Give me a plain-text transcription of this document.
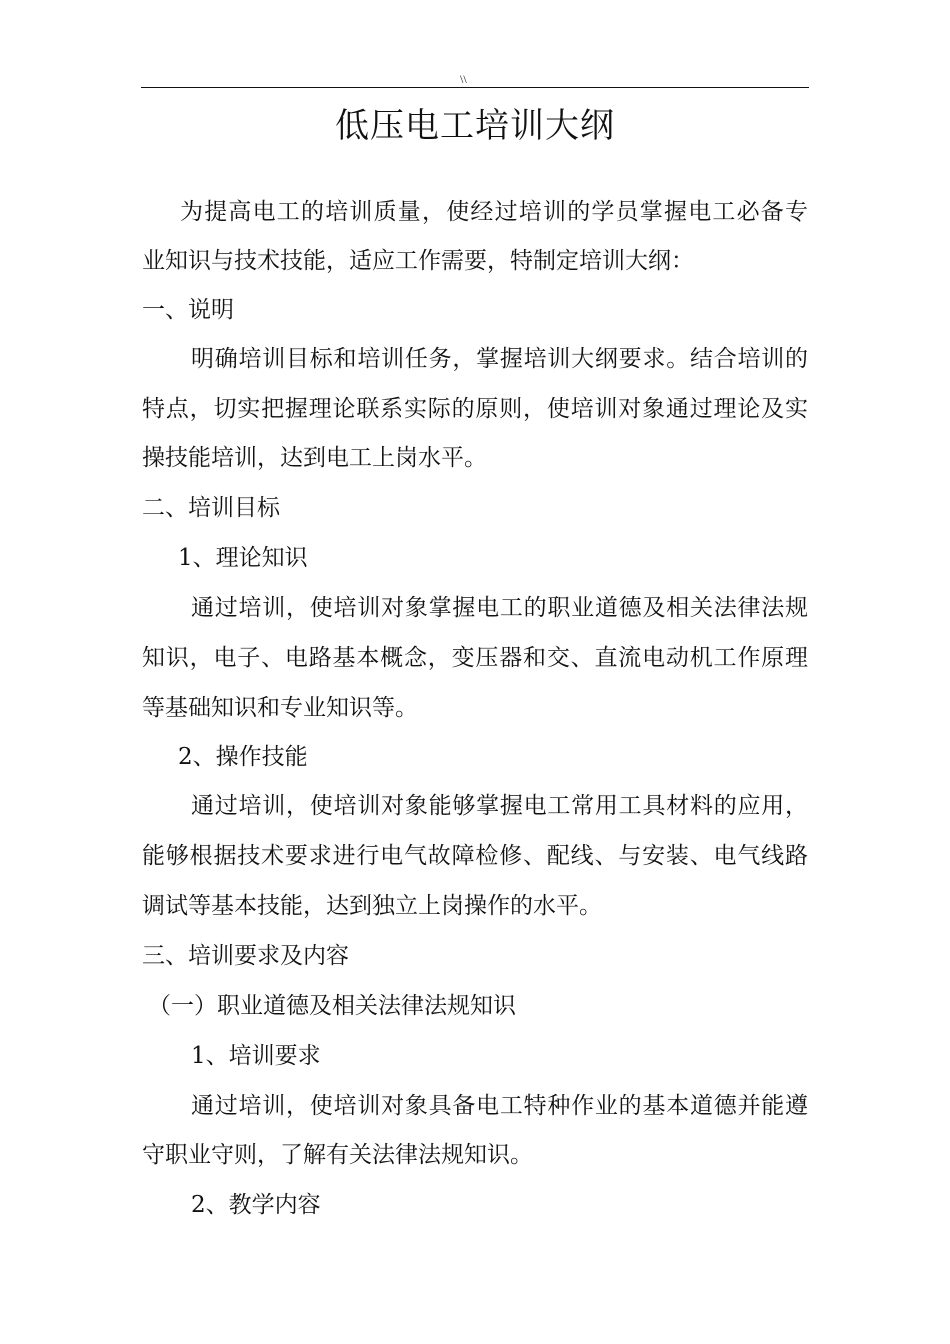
\\
低压电工培训大纲
为提高电工的培训质量，使经过培训的学员掌握电工必备专
业知识与技术技能，适应工作需要，特制定培训大纲：
一、说明
明确培训目标和培训任务，掌握培训大纲要求。结合培训的
特点，切实把握理论联系实际的原则，使培训对象通过理论及实
操技能培训，达到电工上岗水平。
二、培训目标
1、理论知识
通过培训，使培训对象掌握电工的职业道德及相关法律法规
知识，电子、电路基本概念，变压器和交、直流电动机工作原理
等基础知识和专业知识等。
2、操作技能
通过培训，使培训对象能够掌握电工常用工具材料的应用，
能够根据技术要求进行电气故障检修、配线、与安装、电气线路
调试等基本技能，达到独立上岗操作的水平。
三、培训要求及内容
（一）职业道德及相关法律法规知识
1、培训要求
通过培训，使培训对象具备电工特种作业的基本道德并能遵
守职业守则，了解有关法律法规知识。
2、教学内容
